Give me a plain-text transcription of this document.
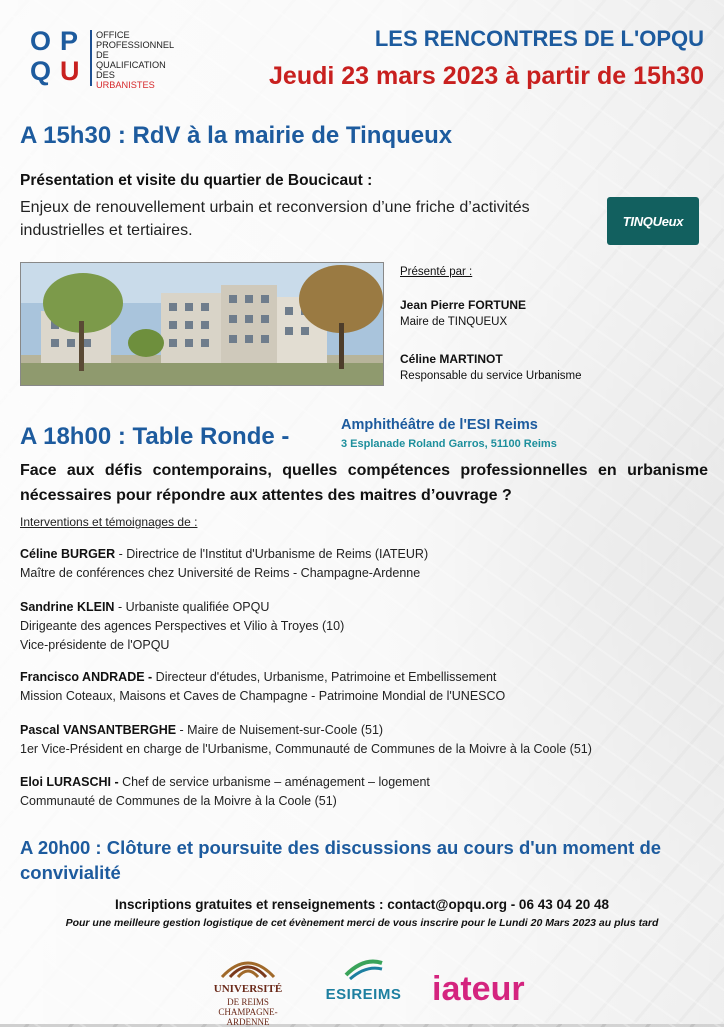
O P
Q U
OFFICE
PROFESSIONNEL
DE
QUALIFICATION
DES
URBANISTES
LES RENCONTRES DE L'OPQU
Jeudi 23 mars 2023 à partir de 15h30
A 15h30 : RdV à la mairie de Tinqueux
Présentation et visite du quartier de Boucicaut :
Enjeux de renouvellement urbain et reconversion d’une friche d’activités industrielles et tertiaires.
TINQUeux
Présenté par :
Jean Pierre FORTUNE
Maire de TINQUEUX
Céline MARTINOT
Responsable du service Urbanisme
A 18h00 : Table Ronde -	Amphithéâtre de l'ESI Reims
3 Esplanade Roland Garros, 51100 Reims
Face aux défis contemporains, quelles compétences professionnelles en urbanisme nécessaires pour répondre aux attentes des maitres d’ouvrage ?
Interventions et témoignages de :
Céline BURGER - Directrice de l'Institut d'Urbanisme de Reims (IATEUR)
Maître de conférences chez Université de Reims - Champagne-Ardenne
Sandrine KLEIN - Urbaniste qualifiée OPQU
Dirigeante des agences Perspectives et Vilio à Troyes (10)
Vice-présidente de l'OPQU
Francisco ANDRADE - Directeur d'études, Urbanisme, Patrimoine et Embellissement
Mission Coteaux, Maisons et Caves de Champagne - Patrimoine Mondial de l'UNESCO
Pascal VANSANTBERGHE - Maire de Nuisement-sur-Coole (51)
1er Vice-Président en charge de l'Urbanisme, Communauté de Communes de la Moivre à la Coole (51)
Eloi LURASCHI - Chef de service urbanisme – aménagement – logement
Communauté de Communes de la Moivre à la Coole (51)
A 20h00 : Clôture et poursuite des discussions au cours d'un moment de convivialité
Inscriptions gratuites et renseignements : contact@opqu.org - 06 43 04 20 48
Pour une meilleure gestion logistique de cet évènement merci de vous inscrire pour le Lundi 20 Mars 2023 au plus tard
UNIVERSITÉ
DE REIMS
CHAMPAGNE-ARDENNE
ESIREIMS iateur
